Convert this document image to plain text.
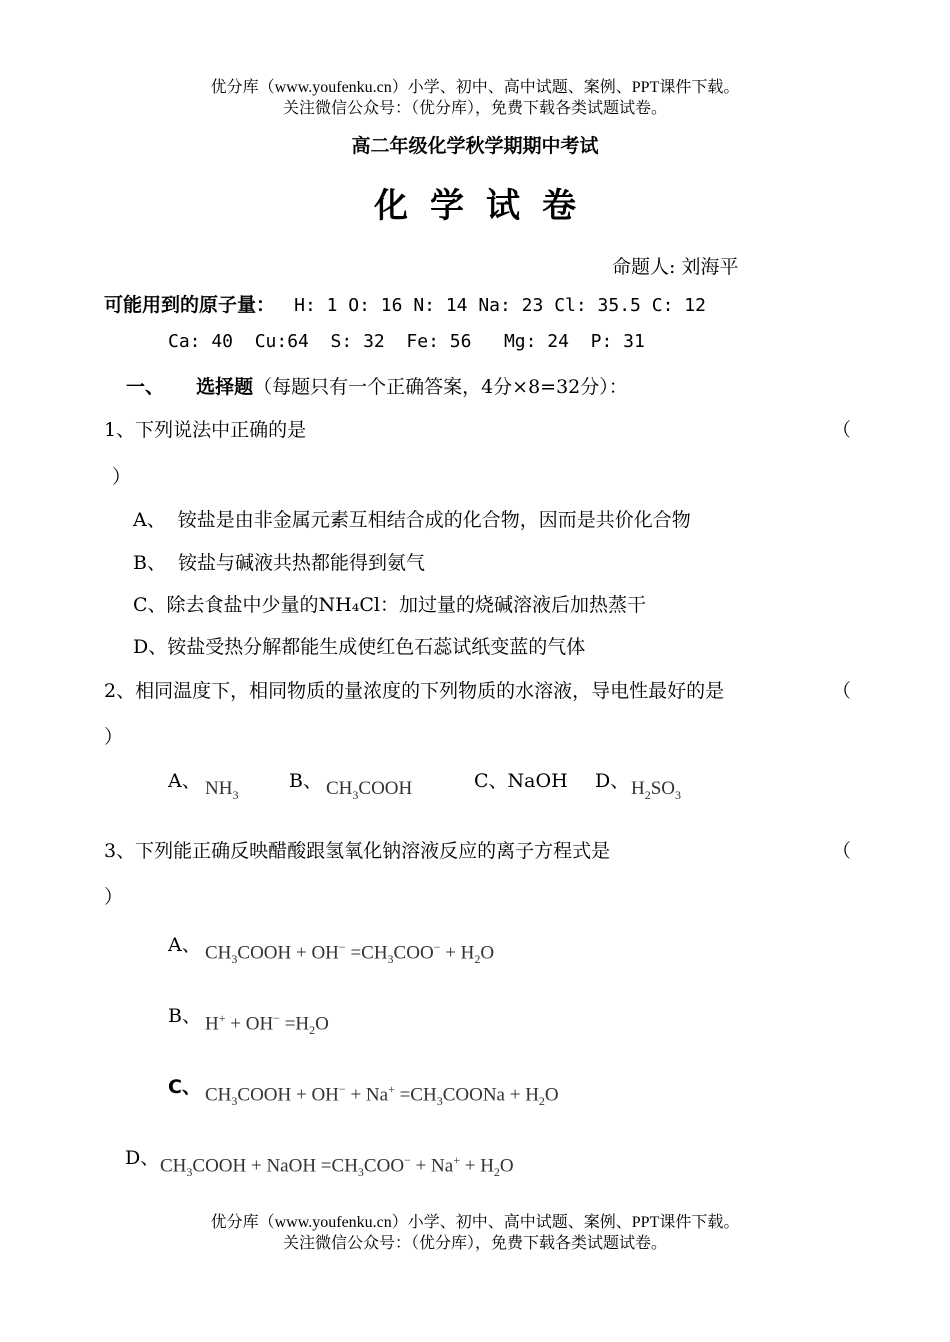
优分库（www.youfenku.cn）小学、初中、高中试题、案例、PPT课件下载。
关注微信公众号：（优分库），免费下载各类试题试卷。
高二年级化学秋学期期中考试
化学试卷
命题人: 刘海平
可能用到的原子量： H: 1 O: 16 N: 14 Na: 23 Cl: 35.5 C: 12
Ca: 40  Cu:64  S: 32  Fe: 56   Mg: 24  P: 31
一、 选择题（每题只有一个正确答案，4分×8=32分）：
1、下列说法中正确的是	（
）
A、  铵盐是由非金属元素互相结合成的化合物，因而是共价化合物
B、  铵盐与碱液共热都能得到氨气
C、除去食盐中少量的NH₄Cl：加过量的烧碱溶液后加热蒸干
D、铵盐受热分解都能生成使红色石蕊试纸变蓝的气体
2、相同温度下，相同物质的量浓度的下列物质的水溶液，导电性最好的是	（
）
A、 $NH_3$
B、 $CH_3COOH$	C、NaOH D、 $H_2SO_3$
3、下列能正确反映醋酸跟氢氧化钠溶液反应的离子方程式是	（
）
A、 $CH_3COOH + OH^- =CH_3COO^- + H_2O$
B、 $H^+ + OH^- =H_2O$
C、 $CH_3COOH + OH^- + Na^+$ $=CH_3COONa + H_2O$
D、 $CH_3COOH$ + NaOH $=CH_3COO^- + Na^+ + H_2O$
优分库（www.youfenku.cn）小学、初中、高中试题、案例、PPT课件下载。
关注微信公众号：（优分库），免费下载各类试题试卷。
